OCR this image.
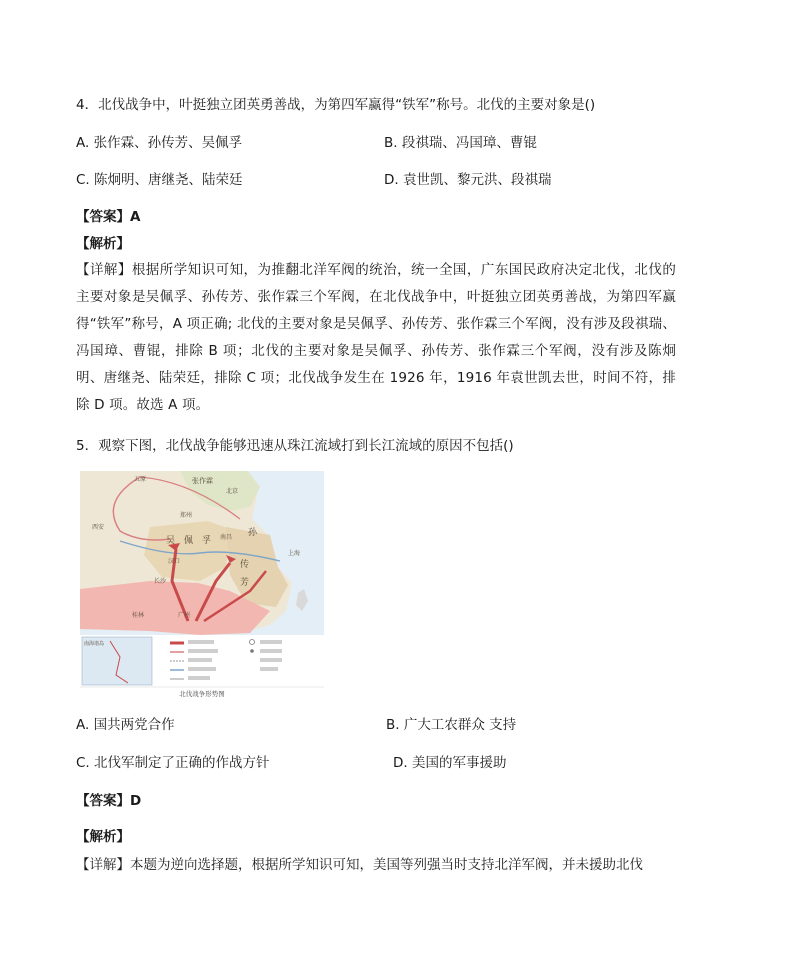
4．北伐战争中，叶挺独立团英勇善战，为第四军赢得“铁军”称号。北伐的主要对象是()
A. 张作霖、孙传芳、吴佩孚	B. 段祺瑞、冯国璋、曹锟
C. 陈炯明、唐继尧、陆荣廷	D. 袁世凯、黎元洪、段祺瑞
【答案】A
【解析】
【详解】根据所学知识可知，为推翻北洋军阀的统治，统一全国，广东国民政府决定北伐，北伐的主要对象是吴佩孚、孙传芳、张作霖三个军阀，在北伐战争中，叶挺独立团英勇善战，为第四军赢得“铁军”称号，A 项正确; 北伐的主要对象是吴佩孚、孙传芳、张作霖三个军阀，没有涉及段祺瑞、冯国璋、曹锟，排除 B 项；北伐的主要对象是吴佩孚、孙传芳、张作霖三个军阀，没有涉及陈炯明、唐继尧、陆荣廷，排除 C 项；北伐战争发生在 1926 年，1916 年袁世凯去世，时间不符，排除 D 项。故选 A 项。
5．观察下图，北伐战争能够迅速从珠江流域打到长江流域的原因不包括()
五原	张作霖
北京
西安
郑州
吴 佩 孚
孙
传
芳
南昌
汉口
长沙
桂林	广州
上海
南海诸岛
北伐战争形势图
A. 国共两党合作	B. 广大工农群众 支持
C. 北伐军制定了正确的作战方针	D. 美国的军事援助
【答案】D
【解析】
【详解】本题为逆向选择题，根据所学知识可知，美国等列强当时支持北洋军阀，并未援助北伐
